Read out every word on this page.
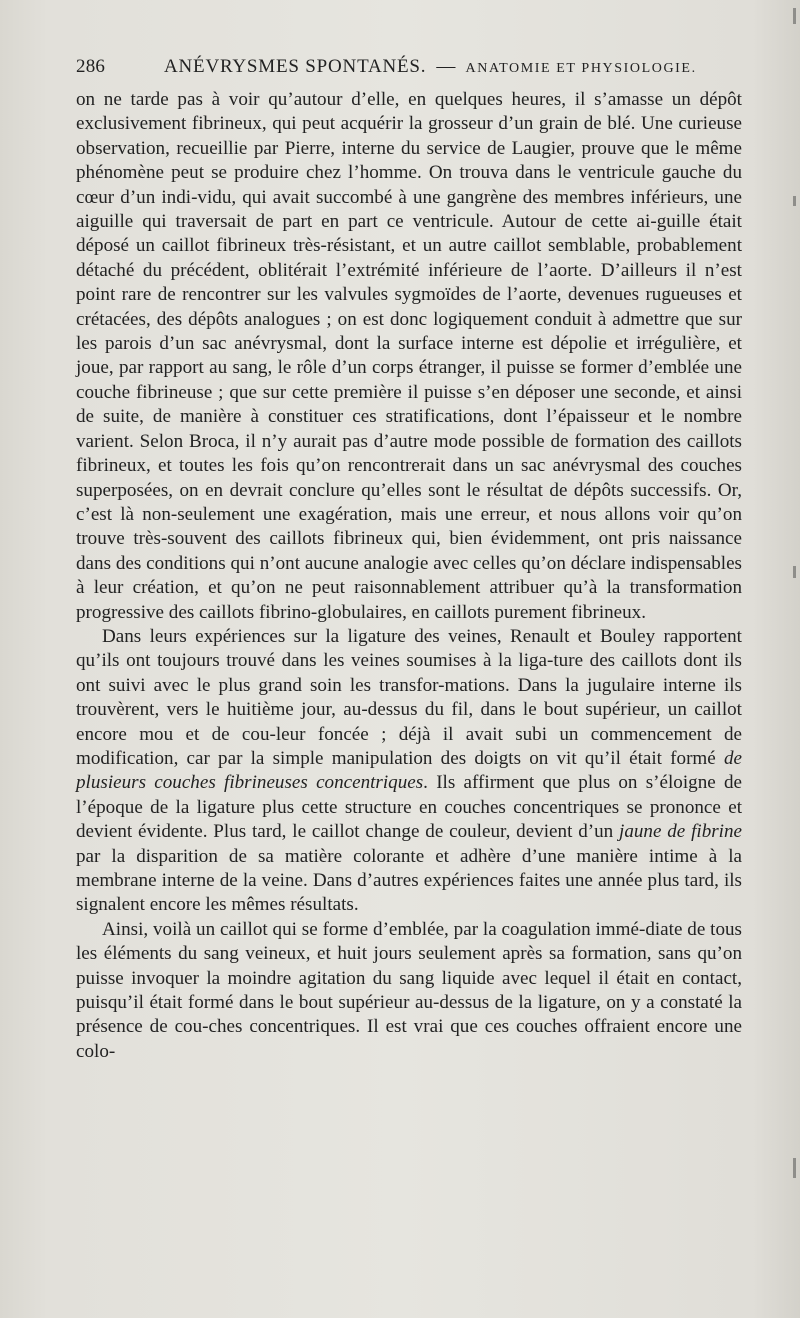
286	ANÉVRYSMES SPONTANÉS. — ANATOMIE ET PHYSIOLOGIE.

on ne tarde pas à voir qu’autour d’elle, en quelques heures, il s’amasse un dépôt exclusivement fibrineux, qui peut acquérir la grosseur d’un grain de blé. Une curieuse observation, recueillie par Pierre, interne du service de Laugier, prouve que le même phénomène peut se produire chez l’homme. On trouva dans le ventricule gauche du cœur d’un indi-vidu, qui avait succombé à une gangrène des membres inférieurs, une aiguille qui traversait de part en part ce ventricule. Autour de cette ai-guille était déposé un caillot fibrineux très-résistant, et un autre caillot semblable, probablement détaché du précédent, oblitérait l’extrémité inférieure de l’aorte. D’ailleurs il n’est point rare de rencontrer sur les valvules sygmoïdes de l’aorte, devenues rugueuses et crétacées, des dépôts analogues ; on est donc logiquement conduit à admettre que sur les parois d’un sac anévrysmal, dont la surface interne est dépolie et irrégulière, et joue, par rapport au sang, le rôle d’un corps étranger, il puisse se former d’emblée une couche fibrineuse ; que sur cette première il puisse s’en déposer une seconde, et ainsi de suite, de manière à constituer ces stratifications, dont l’épaisseur et le nombre varient. Selon Broca, il n’y aurait pas d’autre mode possible de formation des caillots fibrineux, et toutes les fois qu’on rencontrerait dans un sac anévrysmal des couches superposées, on en devrait conclure qu’elles sont le résultat de dépôts successifs. Or, c’est là non-seulement une exagération, mais une erreur, et nous allons voir qu’on trouve très-souvent des caillots fibrineux qui, bien évidemment, ont pris naissance dans des conditions qui n’ont aucune analogie avec celles qu’on déclare indispensables à leur création, et qu’on ne peut raisonnablement attribuer qu’à la transformation progressive des caillots fibrino-globulaires, en caillots purement fibrineux.

Dans leurs expériences sur la ligature des veines, Renault et Bouley rapportent qu’ils ont toujours trouvé dans les veines soumises à la liga-ture des caillots dont ils ont suivi avec le plus grand soin les transfor-mations. Dans la jugulaire interne ils trouvèrent, vers le huitième jour, au-dessus du fil, dans le bout supérieur, un caillot encore mou et de cou-leur foncée ; déjà il avait subi un commencement de modification, car par la simple manipulation des doigts on vit qu’il était formé de plusieurs couches fibrineuses concentriques. Ils affirment que plus on s’éloigne de l’époque de la ligature plus cette structure en couches concentriques se prononce et devient évidente. Plus tard, le caillot change de couleur, devient d’un jaune de fibrine par la disparition de sa matière colorante et adhère d’une manière intime à la membrane interne de la veine. Dans d’autres expériences faites une année plus tard, ils signalent encore les mêmes résultats.

Ainsi, voilà un caillot qui se forme d’emblée, par la coagulation immé-diate de tous les éléments du sang veineux, et huit jours seulement après sa formation, sans qu’on puisse invoquer la moindre agitation du sang liquide avec lequel il était en contact, puisqu’il était formé dans le bout supérieur au-dessus de la ligature, on y a constaté la présence de cou-ches concentriques. Il est vrai que ces couches offraient encore une colo-
